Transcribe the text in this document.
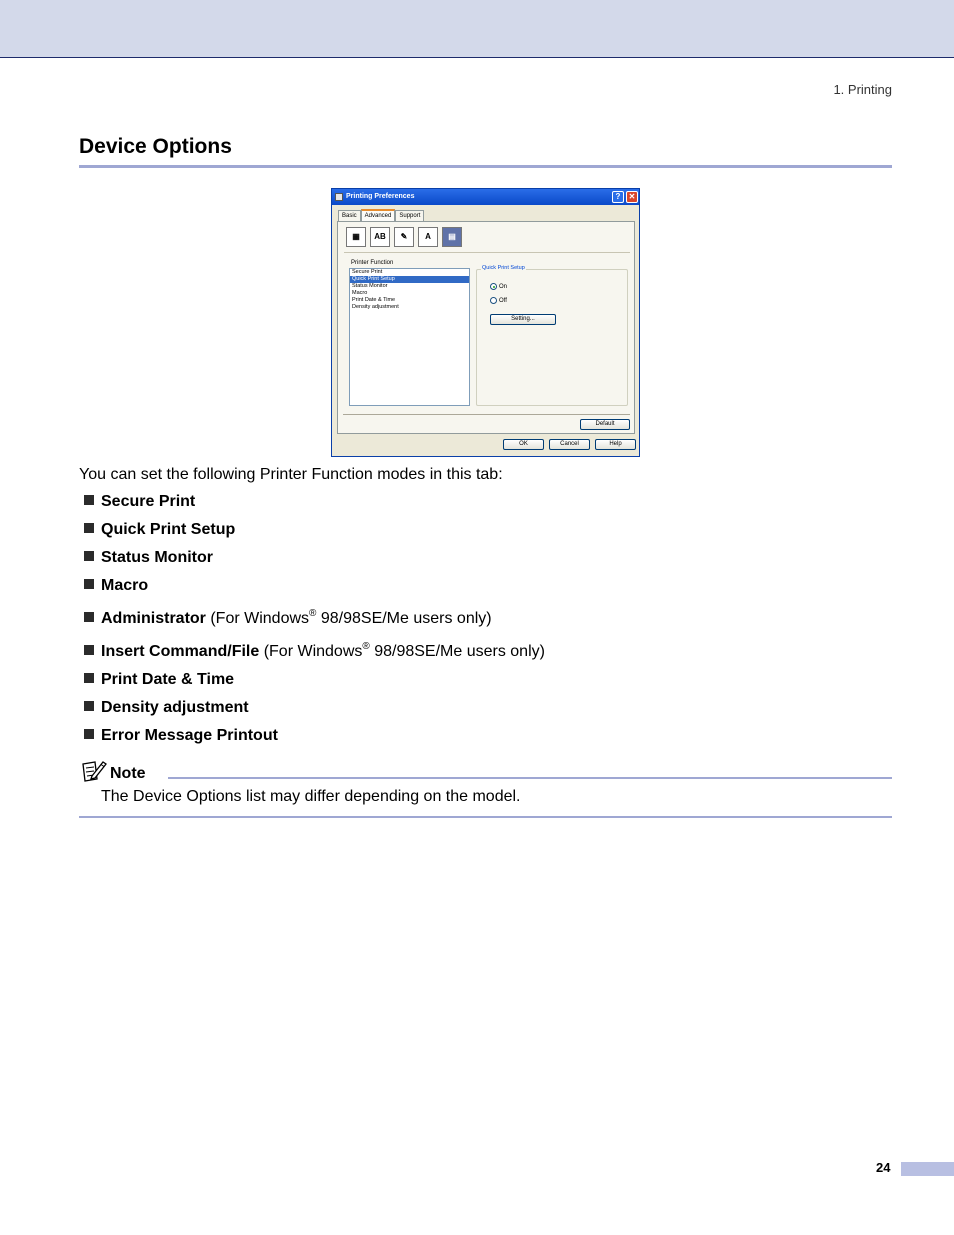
1. Printing
Device Options
Printing Preferences	?	✕
Basic	Advanced	Support
▦	AB	✎	A	▤
Printer Function
Secure Print
Quick Print Setup
Status Monitor
Macro
Print Date & Time
Density adjustment
Quick Print Setup
On
Off
Setting...
Default
OK	Cancel	Help

You can set the following Printer Function modes in this tab:

Secure Print
Quick Print Setup
Status Monitor
Macro
Administrator (For Windows® 98/98SE/Me users only)
Insert Command/File (For Windows® 98/98SE/Me users only)
Print Date & Time
Density adjustment
Error Message Printout
Note

The Device Options list may differ depending on the model.

24
